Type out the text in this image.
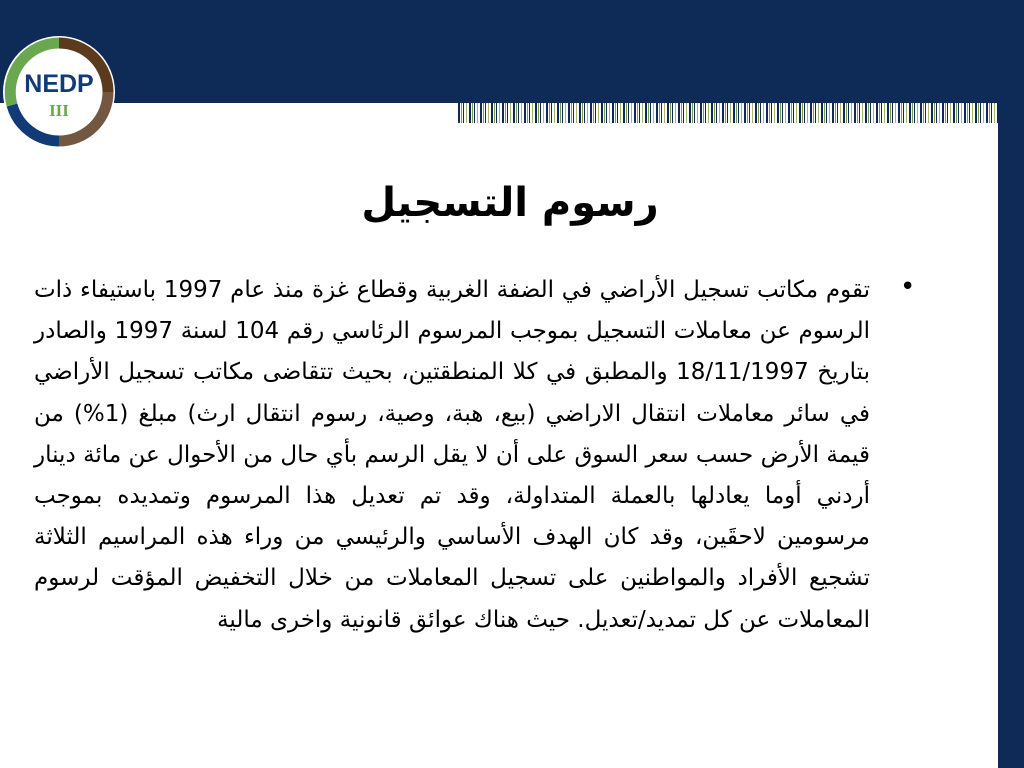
NEDP
III
رسوم التسجيل
•
تقوم مكاتب تسجيل الأراضي في الضفة الغربية وقطاع غزة منذ عام 1997 باستيفاء ذات الرسوم عن معاملات التسجيل بموجب المرسوم الرئاسي رقم 104 لسنة 1997 والصادر بتاريخ 18/11/1997 والمطبق في كلا المنطقتين، بحيث تتقاضى مكاتب تسجيل الأراضي في سائر معاملات انتقال الاراضي (بيع، هبة، وصية، رسوم انتقال ارث) مبلغ (1%) من قيمة الأرض حسب سعر السوق على أن لا يقل الرسم بأي حال من الأحوال عن مائة دينار أردني أوما يعادلها بالعملة المتداولة، وقد تم تعديل هذا المرسوم وتمديده بموجب مرسومين لاحقَين، وقد كان الهدف الأساسي والرئيسي من وراء هذه المراسيم الثلاثة تشجيع الأفراد والمواطنين على تسجيل المعاملات من خلال التخفيض المؤقت لرسوم المعاملات عن كل تمديد/تعديل. حيث هناك عوائق قانونية واخرى مالية
